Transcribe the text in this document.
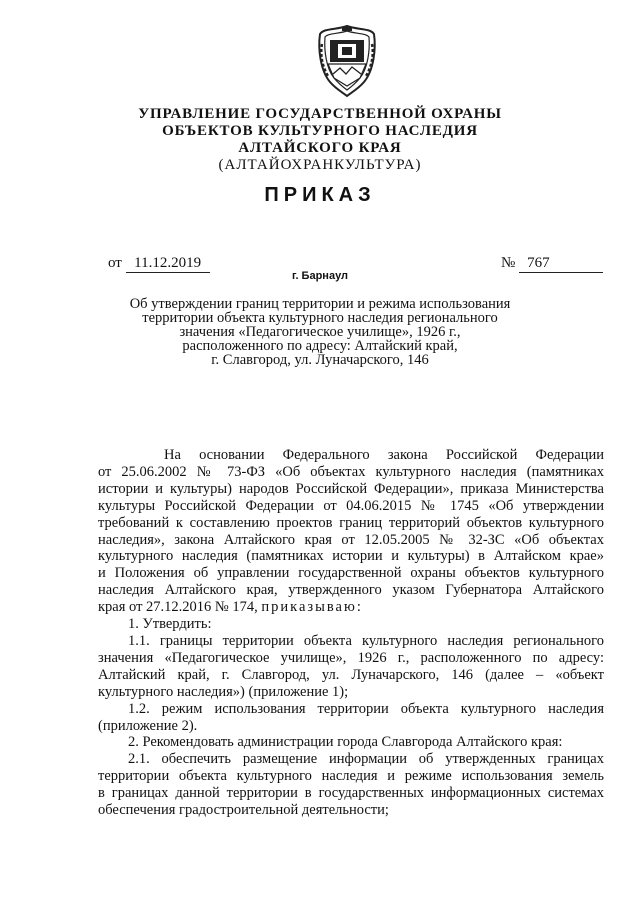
УПРАВЛЕНИЕ ГОСУДАРСТВЕННОЙ ОХРАНЫ
ОБЪЕКТОВ КУЛЬТУРНОГО НАСЛЕДИЯ
АЛТАЙСКОГО КРАЯ
(АЛТАЙОХРАНКУЛЬТУРА)
ПРИКАЗ
от 11.12.2019	№ 767
г. Барнаул
Об утверждении границ территории и режима использования
территории объекта культурного наследия регионального
значения «Педагогическое училище», 1926 г.,
расположенного по адресу: Алтайский край,
г. Славгород, ул. Луначарского, 146
На основании Федерального закона Российской Федерации
от 25.06.2002 № 73-ФЗ «Об объектах культурного наследия (памятниках
истории и культуры) народов Российской Федерации», приказа Министерства
культуры Российской Федерации от 04.06.2015 № 1745 «Об утверждении
требований к составлению проектов границ территорий объектов культурного
наследия», закона Алтайского края от 12.05.2005 № 32-ЗС «Об объектах
культурного наследия (памятниках истории и культуры) в Алтайском крае»
и Положения об управлении государственной охраны объектов культурного
наследия Алтайского края, утвержденного указом Губернатора Алтайского
края от 27.12.2016 № 174, приказываю:
1. Утвердить:
1.1. границы территории объекта культурного наследия регионального
значения «Педагогическое училище», 1926 г., расположенного по адресу:
Алтайский край, г. Славгород, ул. Луначарского, 146 (далее – «объект
культурного наследия») (приложение 1);
1.2. режим использования территории объекта культурного наследия
(приложение 2).
2. Рекомендовать администрации города Славгорода Алтайского края:
2.1. обеспечить размещение информации об утвержденных границах
территории объекта культурного наследия и режиме использования земель
в границах данной территории в государственных информационных системах
обеспечения градостроительной деятельности;
